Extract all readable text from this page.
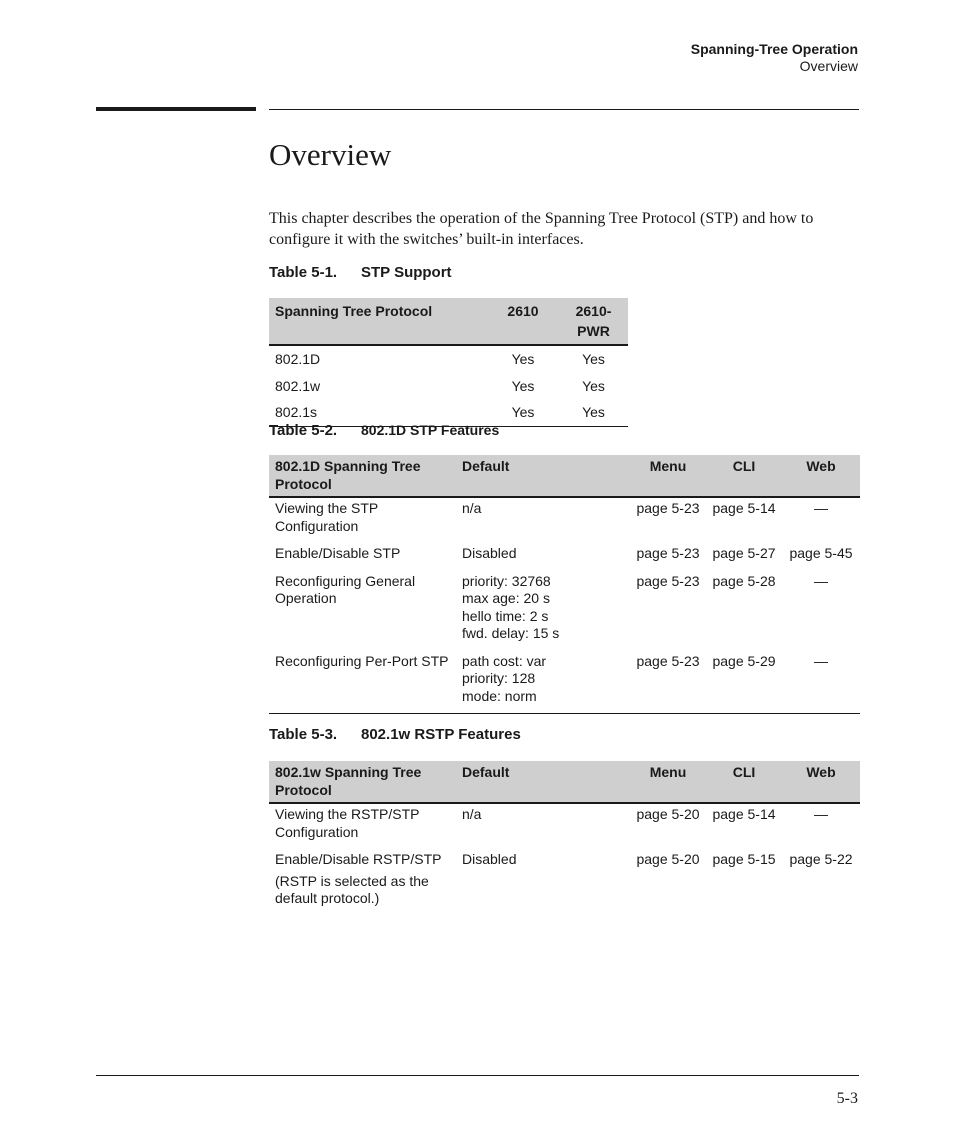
Spanning-Tree Operation
Overview
Overview
This chapter describes the operation of the Spanning Tree Protocol (STP) and how to configure it with the switches’ built-in interfaces.
Table 5-1. STP Support
Spanning Tree Protocol	2610	2610-PWR
802.1D	Yes	Yes
802.1w	Yes	Yes
802.1s	Yes	Yes
Table 5-2. 802.1D STP Features
802.1D Spanning Tree Protocol	Default	Menu	CLI	Web
Viewing the STP Configuration	n/a	page 5-23	page 5-14	—
Enable/Disable STP	Disabled	page 5-23	page 5-27	page 5-45
Reconfiguring General Operation	priority: 32768
max age: 20 s
hello time: 2 s
fwd. delay: 15 s	page 5-23	page 5-28	—
Reconfiguring Per-Port STP	path cost: var
priority: 128
mode: norm	page 5-23	page 5-29	—
Table 5-3. 802.1w RSTP Features
802.1w Spanning Tree Protocol	Default	Menu	CLI	Web
Viewing the RSTP/STP Configuration	n/a	page 5-20	page 5-14	—
Enable/Disable RSTP/STP
(RSTP is selected as the default protocol.)	Disabled	page 5-20	page 5-15	page 5-22
5-3
